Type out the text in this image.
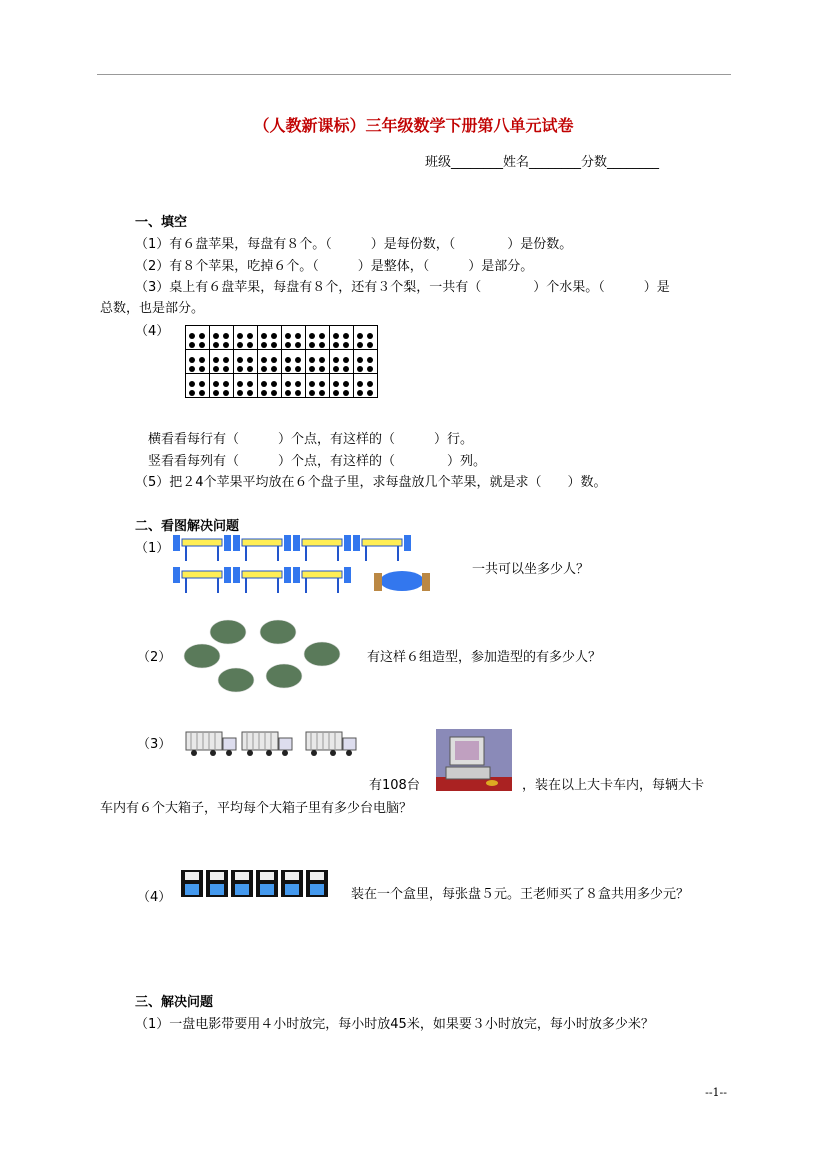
（人教新课标）三年级数学下册第八单元试卷
班级________姓名________分数________
一、填空
（1）有６盘苹果，每盘有８个。（　　　）是每份数，（　　　　）是份数。
（2）有８个苹果，吃掉６个。（　　　）是整体，（　　　）是部分。
（3）桌上有６盘苹果，每盘有８个，还有３个梨，一共有（　　　　）个水果。（　　　）是
总数，也是部分。
（4）

横看看每行有（　　　）个点，有这样的（　　　）行。
竖看看每列有（　　　）个点，有这样的（　　　　）列。
（5）把２4个苹果平均放在６个盘子里，求每盘放几个苹果，就是求（　　）数。
二、看图解决问题
（1）
一共可以坐多少人？
（2）	有这样６组造型，参加造型的有多少人？
（3）
有108台	，装在以上大卡车内，每辆大卡
车内有６个大箱子，平均每个大箱子里有多少台电脑？
（4）	装在一个盒里，每张盘５元。王老师买了８盒共用多少元？
三、解决问题
（1）一盘电影带要用４小时放完，每小时放45米，如果要３小时放完，每小时放多少米？
--1--
